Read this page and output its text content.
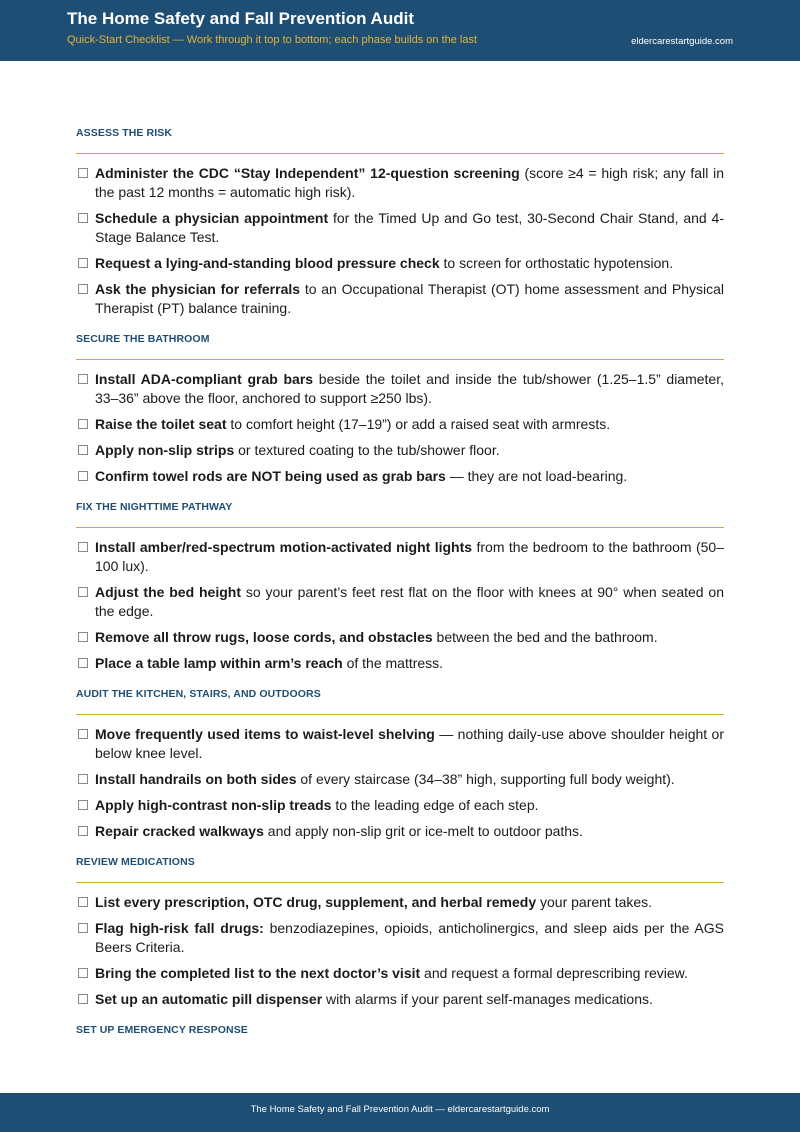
The Home Safety and Fall Prevention Audit
Quick-Start Checklist — Work through it top to bottom; each phase builds on the last	eldercarestartguide.com
ASSESS THE RISK
Administer the CDC “Stay Independent” 12-question screening (score ≥4 = high risk; any fall in the past 12 months = automatic high risk).
Schedule a physician appointment for the Timed Up and Go test, 30-Second Chair Stand, and 4-Stage Balance Test.
Request a lying-and-standing blood pressure check to screen for orthostatic hypotension.
Ask the physician for referrals to an Occupational Therapist (OT) home assessment and Physical Therapist (PT) balance training.
SECURE THE BATHROOM
Install ADA-compliant grab bars beside the toilet and inside the tub/shower (1.25–1.5” diameter, 33–36” above the floor, anchored to support ≥250 lbs).
Raise the toilet seat to comfort height (17–19”) or add a raised seat with armrests.
Apply non-slip strips or textured coating to the tub/shower floor.
Confirm towel rods are NOT being used as grab bars — they are not load-bearing.
FIX THE NIGHTTIME PATHWAY
Install amber/red-spectrum motion-activated night lights from the bedroom to the bathroom (50–100 lux).
Adjust the bed height so your parent’s feet rest flat on the floor with knees at 90° when seated on the edge.
Remove all throw rugs, loose cords, and obstacles between the bed and the bathroom.
Place a table lamp within arm’s reach of the mattress.
AUDIT THE KITCHEN, STAIRS, AND OUTDOORS
Move frequently used items to waist-level shelving — nothing daily-use above shoulder height or below knee level.
Install handrails on both sides of every staircase (34–38” high, supporting full body weight).
Apply high-contrast non-slip treads to the leading edge of each step.
Repair cracked walkways and apply non-slip grit or ice-melt to outdoor paths.
REVIEW MEDICATIONS
List every prescription, OTC drug, supplement, and herbal remedy your parent takes.
Flag high-risk fall drugs: benzodiazepines, opioids, anticholinergics, and sleep aids per the AGS Beers Criteria.
Bring the completed list to the next doctor’s visit and request a formal deprescribing review.
Set up an automatic pill dispenser with alarms if your parent self-manages medications.
SET UP EMERGENCY RESPONSE
The Home Safety and Fall Prevention Audit — eldercarestartguide.com
